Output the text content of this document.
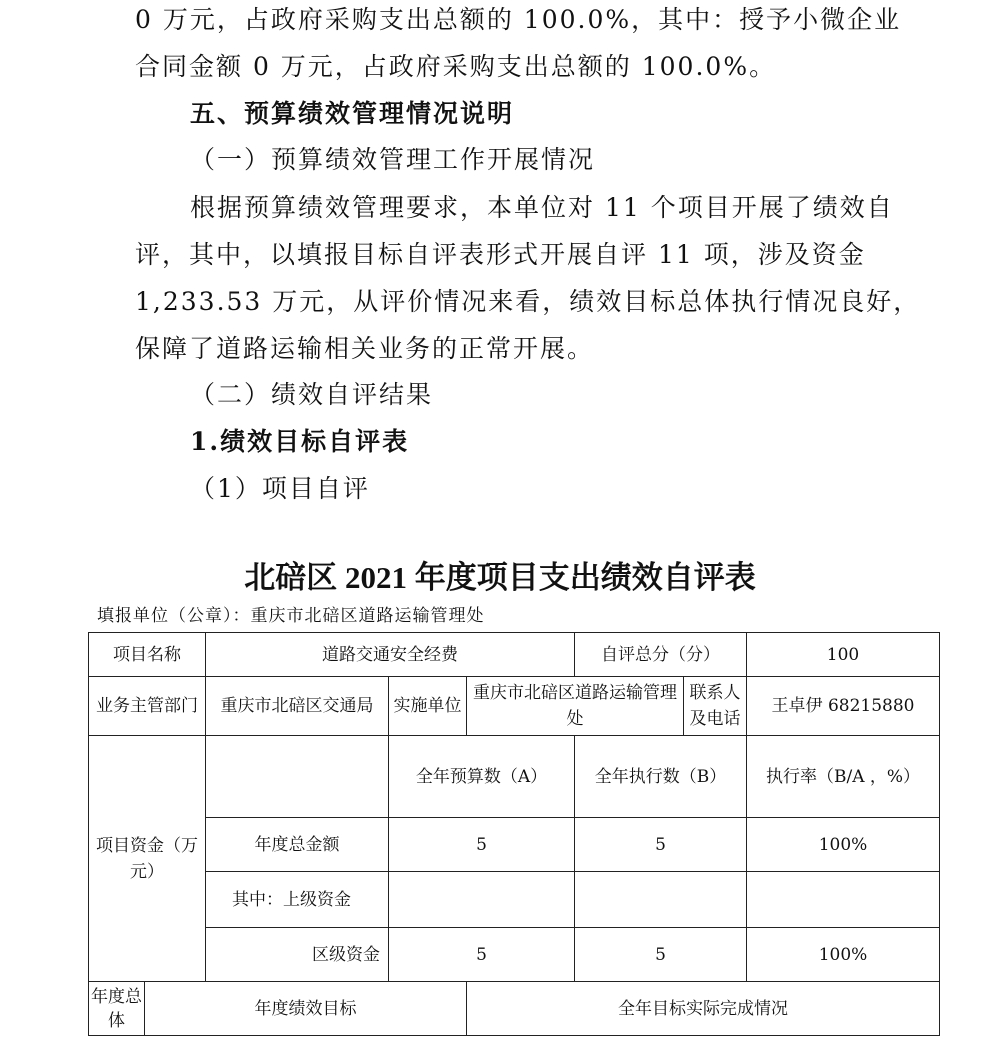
0 万元，占政府采购支出总额的 100.0%，其中：授予小微企业
合同金额 0 万元，占政府采购支出总额的 100.0%。
五、预算绩效管理情况说明
（一）预算绩效管理工作开展情况
根据预算绩效管理要求，本单位对 11 个项目开展了绩效自
评，其中，以填报目标自评表形式开展自评 11 项，涉及资金
1,233.53 万元，从评价情况来看，绩效目标总体执行情况良好，
保障了道路运输相关业务的正常开展。
（二）绩效自评结果
1.绩效目标自评表
（1）项目自评
北碚区 2021 年度项目支出绩效自评表
填报单位（公章）：重庆市北碚区道路运输管理处
项目名称		道路交通安全经费			自评总分（分）		100
业务主管部门		重庆市北碚区交通局	实施单位	重庆市北碚区道路运输管理处		联系人及电话	王卓伊 68215880
项目资金（万元）			全年预算数（A）		全年执行数（B）		执行率（B/A ，%）
		年度总金额	5		5		100%
		其中：上级资金					
		区级资金	5		5		100%
年度总体	年度绩效目标			全年目标实际完成情况			
